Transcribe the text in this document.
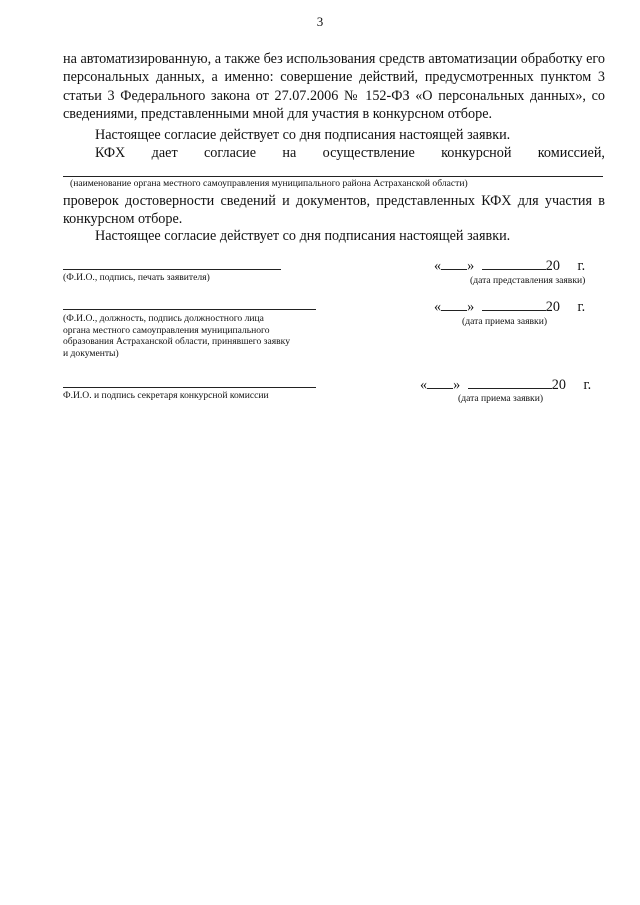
3

на автоматизированную, а также без использования средств автоматизации обработку его персональных данных, а именно: совершение действий, предусмотренных пунктом 3 статьи 3 Федерального закона от 27.07.2006 № 152-ФЗ «О персональных данных», со сведениями, представленными мной для участия в конкурсном отборе.

Настоящее согласие действует со дня подписания настоящей заявки.

КФХ дает согласие на осуществление конкурсной комиссией,
(наименование органа местного самоуправления муниципального района Астраханской области)

проверок достоверности сведений и документов, представленных КФХ для участия в конкурсном отборе.

Настоящее согласие действует со дня подписания настоящей заявки.

(Ф.И.О., подпись, печать заявителя)
« »	20 г.
(дата представления заявки)
(Ф.И.О., должность, подпись должностного лица органа местного самоуправления муниципального образования Астраханской области, принявшего заявку и документы)
« »	20 г.
(дата приема заявки)
Ф.И.О. и подпись секретаря конкурсной комиссии
« »	20 г.
(дата приема заявки)
